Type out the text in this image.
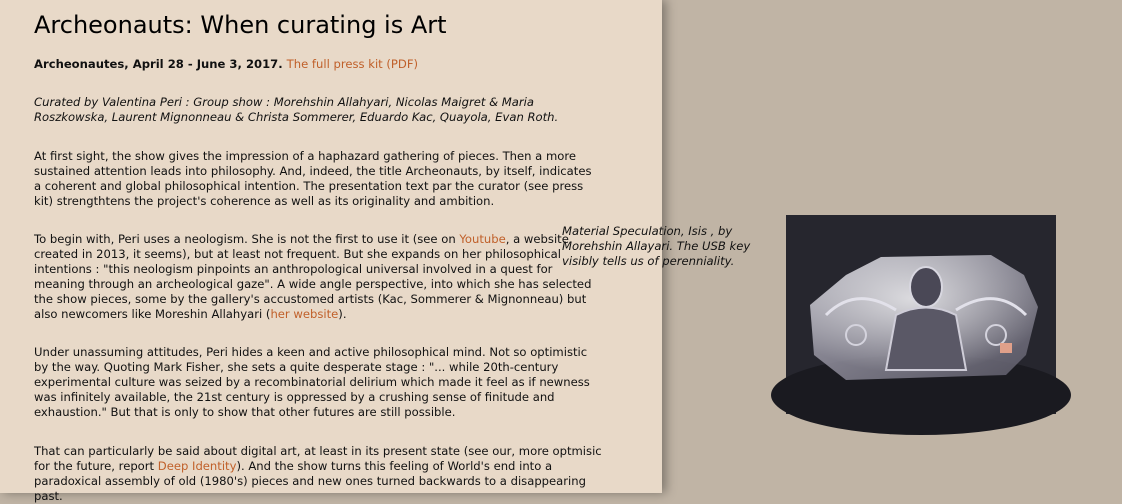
Archeonauts: When curating is Art

Archeonautes, April 28 - June 3, 2017. The full press kit (PDF)

Curated by Valentina Peri : Group show : Morehshin Allahyari, Nicolas Maigret & Maria Roszkowska, Laurent Mignonneau & Christa Sommerer, Eduardo Kac, Quayola, Evan Roth.

At first sight, the show gives the impression of a haphazard gathering of pieces. Then a more sustained attention leads into philosophy. And, indeed, the title Archeonauts, by itself, indicates a coherent and global philosophical intention. The presentation text par the curator (see press kit) strengthtens the project's coherence as well as its originality and ambition.

To begin with, Peri uses a neologism. She is not the first to use it (see on Youtube, a website created in 2013, it seems), but at least not frequent. But she expands on her philosophical intentions : "this neologism pinpoints an anthropological universal involved in a quest for meaning through an archeological gaze". A wide angle perspective, into which she has selected the show pieces, some by the gallery's accustomed artists (Kac, Sommerer & Mignonneau) but also newcomers like Moreshin Allahyari (her website).

Under unassuming attitudes, Peri hides a keen and active philosophical mind. Not so optimistic by the way. Quoting Mark Fisher, she sets a quite desperate stage : "... while 20th-century experimental culture was seized by a recombinatorial delirium which made it feel as if newness was infinitely available, the 21st century is oppressed by a crushing sense of finitude and exhaustion." But that is only to show that other futures are still possible.

That can particularly be said about digital art, at least in its present state (see our, more optmisic for the future, report Deep Identity). And the show turns this feeling of World's end into a paradoxical assembly of old (1980's) pieces and new ones turned backwards to a disappearing past.

Material Speculation, Isis , by Morehshin Allayari. The USB key visibly tells us of perenniality.
